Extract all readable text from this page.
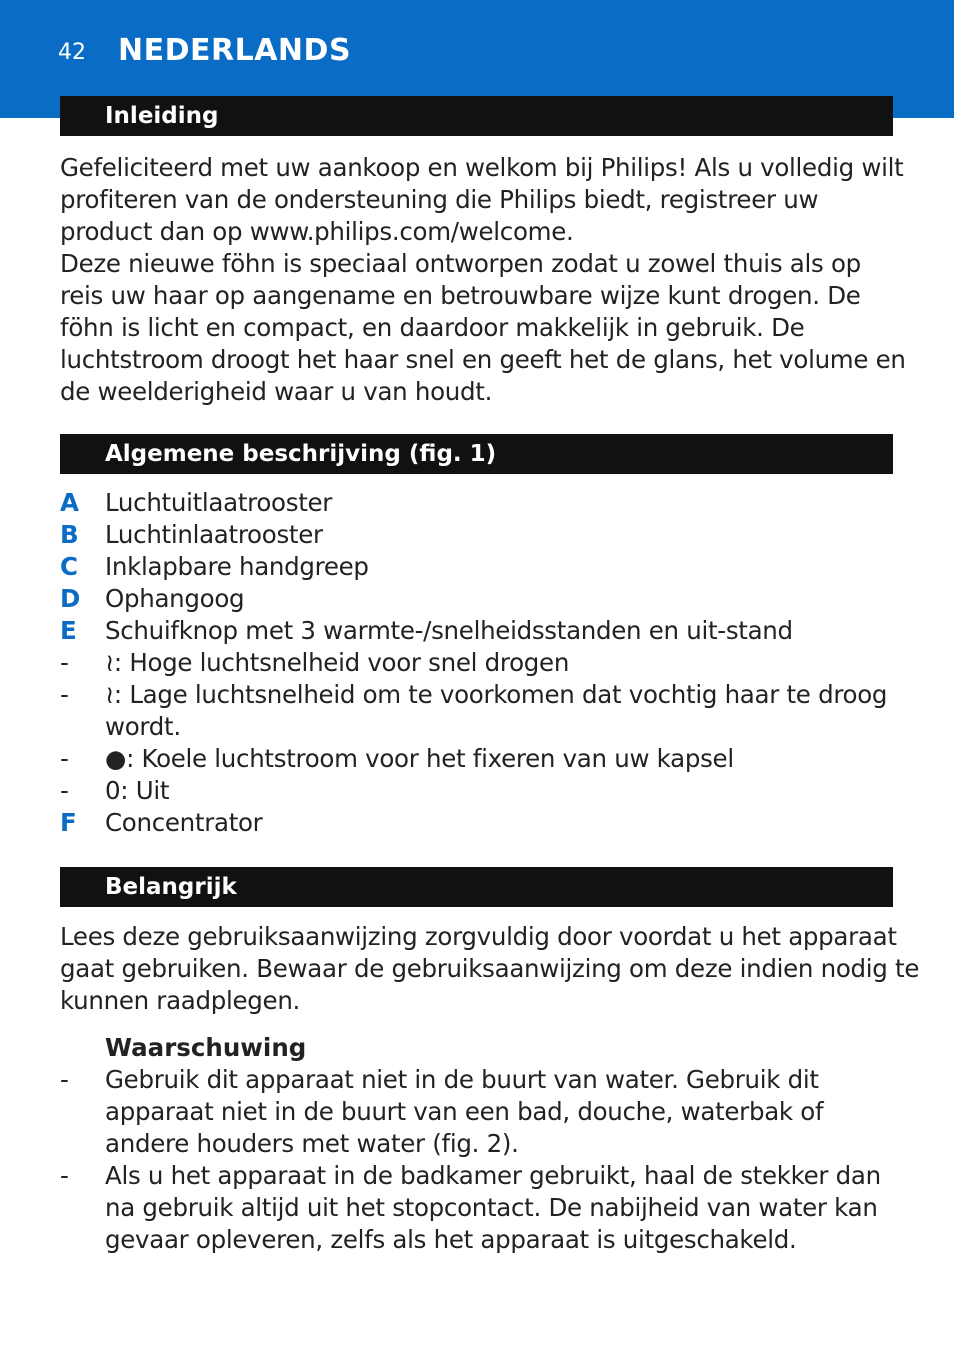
42 NEDERLANDS
Inleiding

Gefeliciteerd met uw aankoop en welkom bij Philips! Als u volledig wilt profiteren van de ondersteuning die Philips biedt, registreer uw product dan op www.philips.com/welcome.

Deze nieuwe föhn is speciaal ontworpen zodat u zowel thuis als op reis uw haar op aangename en betrouwbare wijze kunt drogen. De föhn is licht en compact, en daardoor makkelijk in gebruik. De luchtstroom droogt het haar snel en geeft het de glans, het volume en de weelderigheid waar u van houdt.

Algemene beschrijving (fig. 1)
A	Luchtuitlaatrooster
B	Luchtinlaatrooster
C	Inklapbare handgreep
D	Ophangoog
E	Schuifknop met 3 warmte-/snelheidsstanden en uit-stand
-	≀: Hoge luchtsnelheid voor snel drogen
-	≀: Lage luchtsnelheid om te voorkomen dat vochtig haar te droog wordt.
-	●: Koele luchtstroom voor het fixeren van uw kapsel
-	0: Uit
F	Concentrator
Belangrijk

Lees deze gebruiksaanwijzing zorgvuldig door voordat u het apparaat gaat gebruiken. Bewaar de gebruiksaanwijzing om deze indien nodig te kunnen raadplegen.

Waarschuwing
-	Gebruik dit apparaat niet in de buurt van water. Gebruik dit apparaat niet in de buurt van een bad, douche, waterbak of andere houders met water (fig. 2).
-	Als u het apparaat in de badkamer gebruikt, haal de stekker dan na gebruik altijd uit het stopcontact. De nabijheid van water kan gevaar opleveren, zelfs als het apparaat is uitgeschakeld.
